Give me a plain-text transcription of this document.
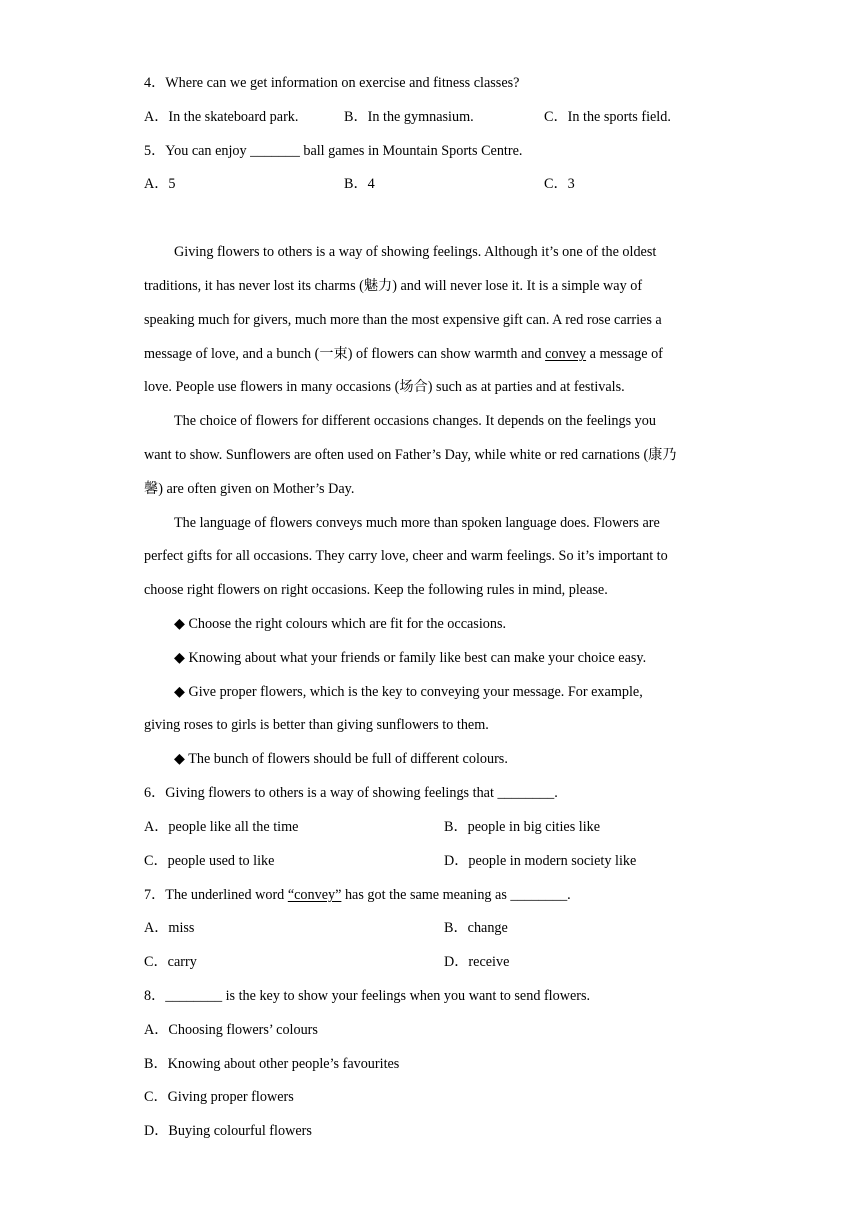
4．Where can we get information on exercise and fitness classes?
A．In the skateboard park.	B．In the gymnasium.	C．In the sports field.
5．You can enjoy _______ ball games in Mountain Sports Centre.
A．5	B．4	C．3
Giving flowers to others is a way of showing feelings. Although it’s one of the oldest
traditions, it has never lost its charms (魅力) and will never lose it. It is a simple way of
speaking much for givers, much more than the most expensive gift can. A red rose carries a
message of love, and a bunch (一束) of flowers can show warmth and convey a message of
love. People use flowers in many occasions (场合) such as at parties and at festivals.
The choice of flowers for different occasions changes. It depends on the feelings you
want to show. Sunflowers are often used on Father’s Day, while white or red carnations (康乃
馨) are often given on Mother’s Day.
The language of flowers conveys much more than spoken language does. Flowers are
perfect gifts for all occasions. They carry love, cheer and warm feelings. So it’s important to
choose right flowers on right occasions. Keep the following rules in mind, please.
◆ Choose the right colours which are fit for the occasions.
◆ Knowing about what your friends or family like best can make your choice easy.
◆ Give proper flowers, which is the key to conveying your message. For example,
giving roses to girls is better than giving sunflowers to them.
◆ The bunch of flowers should be full of different colours.
6．Giving flowers to others is a way of showing feelings that ________.
A．people like all the time	B．people in big cities like
C．people used to like	D．people in modern society like
7．The underlined word “convey” has got the same meaning as ________.
A．miss	B．change
C．carry	D．receive
8．________ is the key to show your feelings when you want to send flowers.
A．Choosing flowers’ colours
B．Knowing about other people’s favourites
C．Giving proper flowers
D．Buying colourful flowers
